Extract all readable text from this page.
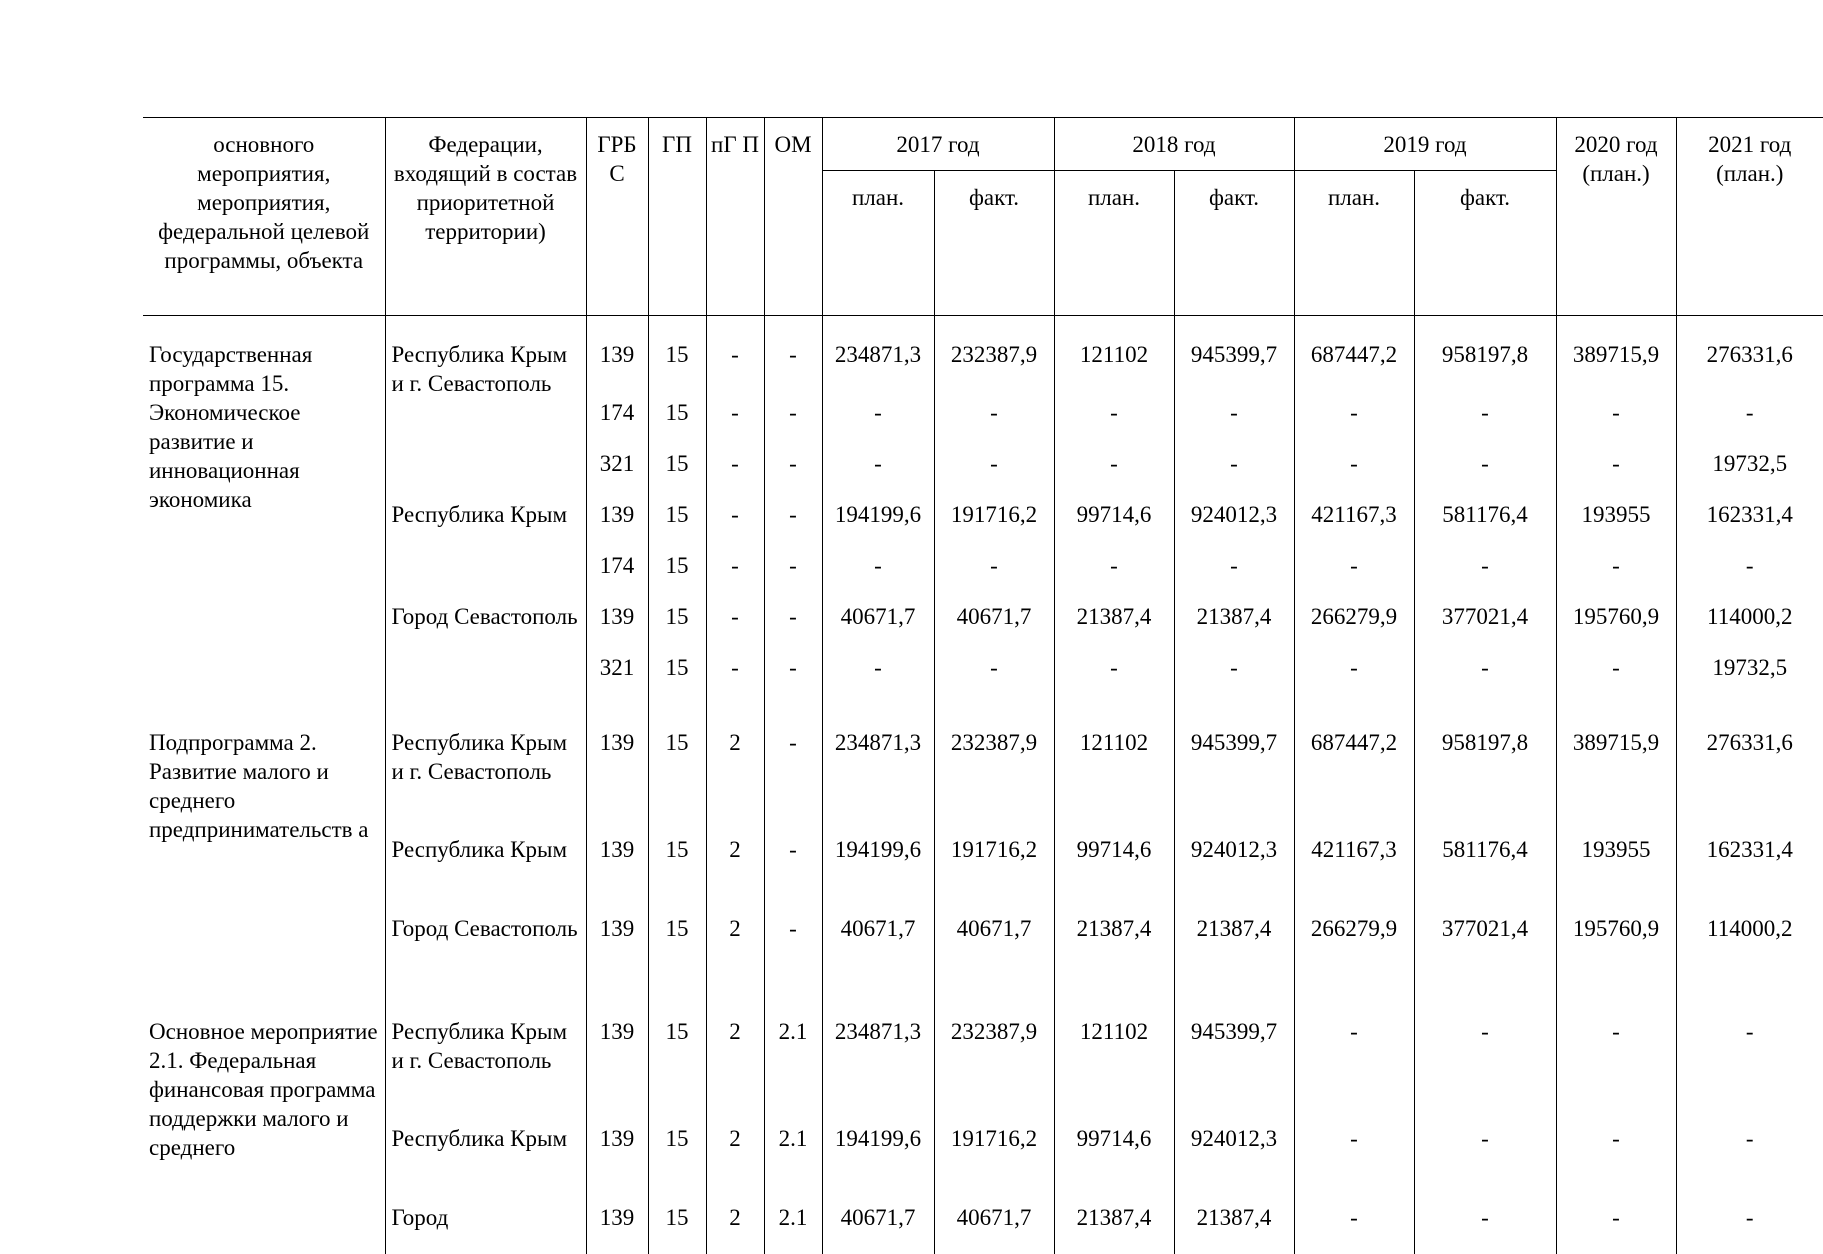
основного мероприятия, мероприятия, федеральной целевой программы, объекта	Федерации, входящий в состав приоритетной территории)	ГРБ С	ГП	пГ П	ОМ	2017 год		2018 год		2019 год		2020 год (план.)	2021 год (план.)
						план.	факт.	план.	факт.	план.	факт.		
Государственная программа 15. Экономическое развитие и инновационная экономика	Республика Крым и г. Севастополь	139	15	-	-	234871,3	232387,9	121102	945399,7	687447,2	958197,8	389715,9	276331,6
		174	15	-	-	-	-	-	-	-	-	-	-
		321	15	-	-	-	-	-	-	-	-	-	19732,5
	Республика Крым	139	15	-	-	194199,6	191716,2	99714,6	924012,3	421167,3	581176,4	193955	162331,4
		174	15	-	-	-	-	-	-	-	-	-	-
	Город Севастополь	139	15	-	-	40671,7	40671,7	21387,4	21387,4	266279,9	377021,4	195760,9	114000,2
		321	15	-	-	-	-	-	-	-	-	-	19732,5
Подпрограмма 2. Развитие малого и среднего предпринимательств а	Республика Крым и г. Севастополь	139	15	2	-	234871,3	232387,9	121102	945399,7	687447,2	958197,8	389715,9	276331,6
	Республика Крым	139	15	2	-	194199,6	191716,2	99714,6	924012,3	421167,3	581176,4	193955	162331,4
	Город Севастополь	139	15	2	-	40671,7	40671,7	21387,4	21387,4	266279,9	377021,4	195760,9	114000,2
Основное мероприятие 2.1. Федеральная финансовая программа поддержки малого и среднего	Республика Крым и г. Севастополь	139	15	2	2.1	234871,3	232387,9	121102	945399,7	-	-	-	-
	Республика Крым	139	15	2	2.1	194199,6	191716,2	99714,6	924012,3	-	-	-	-
	Город	139	15	2	2.1	40671,7	40671,7	21387,4	21387,4	-	-	-	-
